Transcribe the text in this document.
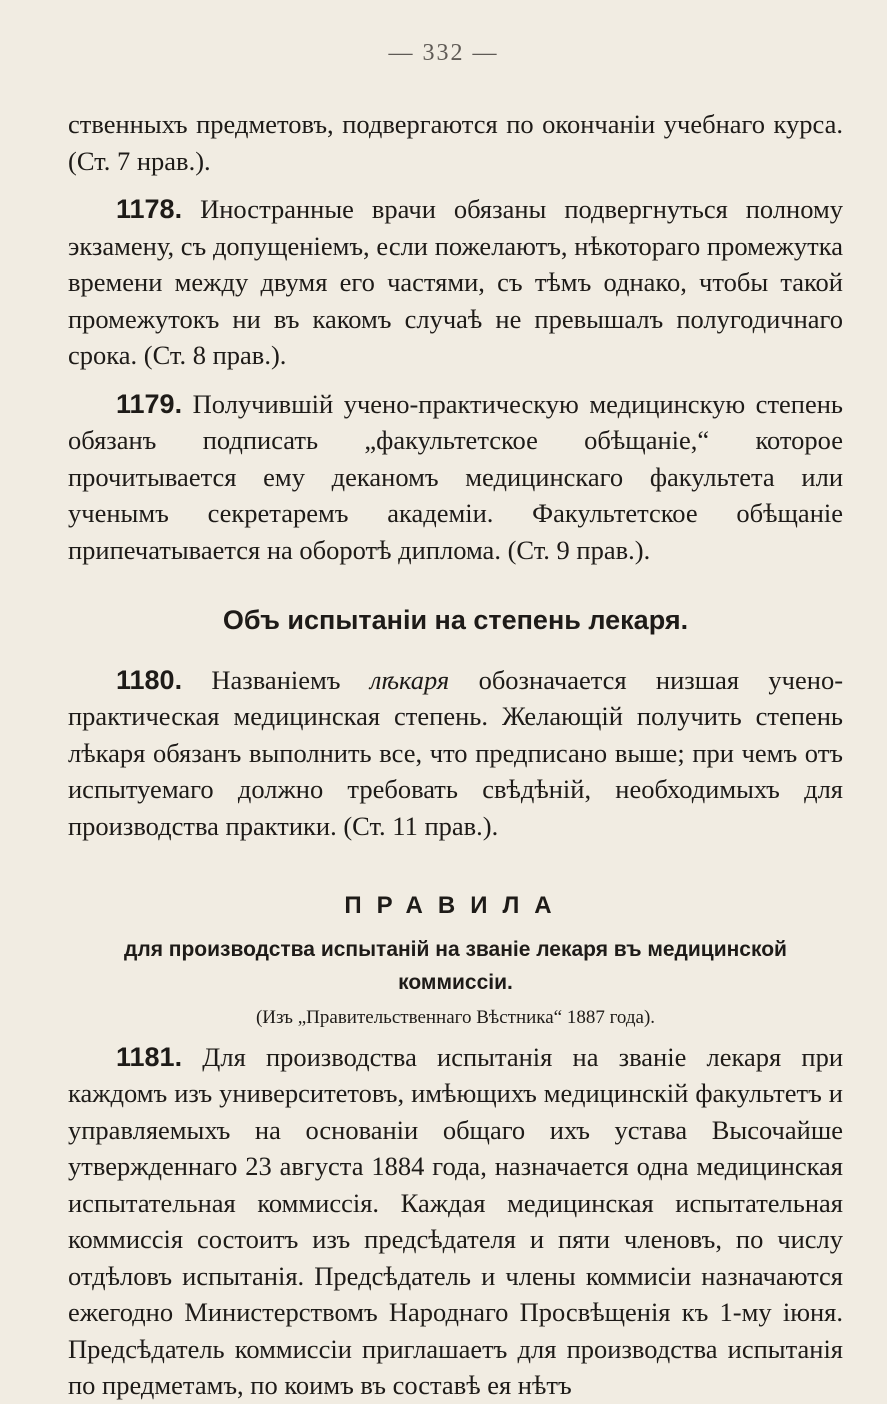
— 332 —

ственныхъ предметовъ, подвергаются по окончаніи учебнаго курса. (Ст. 7 нрав.).

1178. Иностранные врачи обязаны подвергнуться полному экзамену, съ допущеніемъ, если пожелаютъ, нѣкотораго промежутка времени между двумя его частями, съ тѣмъ однако, чтобы такой промежутокъ ни въ какомъ случаѣ не превышалъ полугодичнаго срока. (Ст. 8 прав.).

1179. Получившій учено-практическую медицинскую степень обязанъ подписать „факультетское обѣщаніе,“ которое прочитывается ему деканомъ медицинскаго факультета или ученымъ секретаремъ академіи. Факультетское обѣщаніе припечатывается на оборотѣ диплома. (Ст. 9 прав.).

Объ испытаніи на степень лекаря.

1180. Названіемъ лѣкаря обозначается низшая учено-практическая медицинская степень. Желающій получить степень лѣкаря обязанъ выполнить все, что предписано выше; при чемъ отъ испытуемаго должно требовать свѣдѣній, необходимыхъ для производства практики. (Ст. 11 прав.).

ПРАВИЛА

для производства испытаній на званіе лекаря въ медицинской коммиссіи.

(Изъ „Правительственнаго Вѣстника“ 1887 года).

1181. Для производства испытанія на званіе лекаря при каждомъ изъ университетовъ, имѣющихъ медицинскій факультетъ и управляемыхъ на основаніи общаго ихъ устава Высочайше утвержденнаго 23 августа 1884 года, назначается одна медицинская испытательная коммиссія. Каждая медицинская испытательная коммиссія состоитъ изъ предсѣдателя и пяти членовъ, по числу отдѣловъ испытанія. Предсѣдатель и члены коммисіи назначаются ежегодно Министерствомъ Народнаго Просвѣщенія къ 1-му іюня. Предсѣдатель коммиссіи приглашаетъ для производства испытанія по предметамъ, по коимъ въ составѣ ея нѣтъ
